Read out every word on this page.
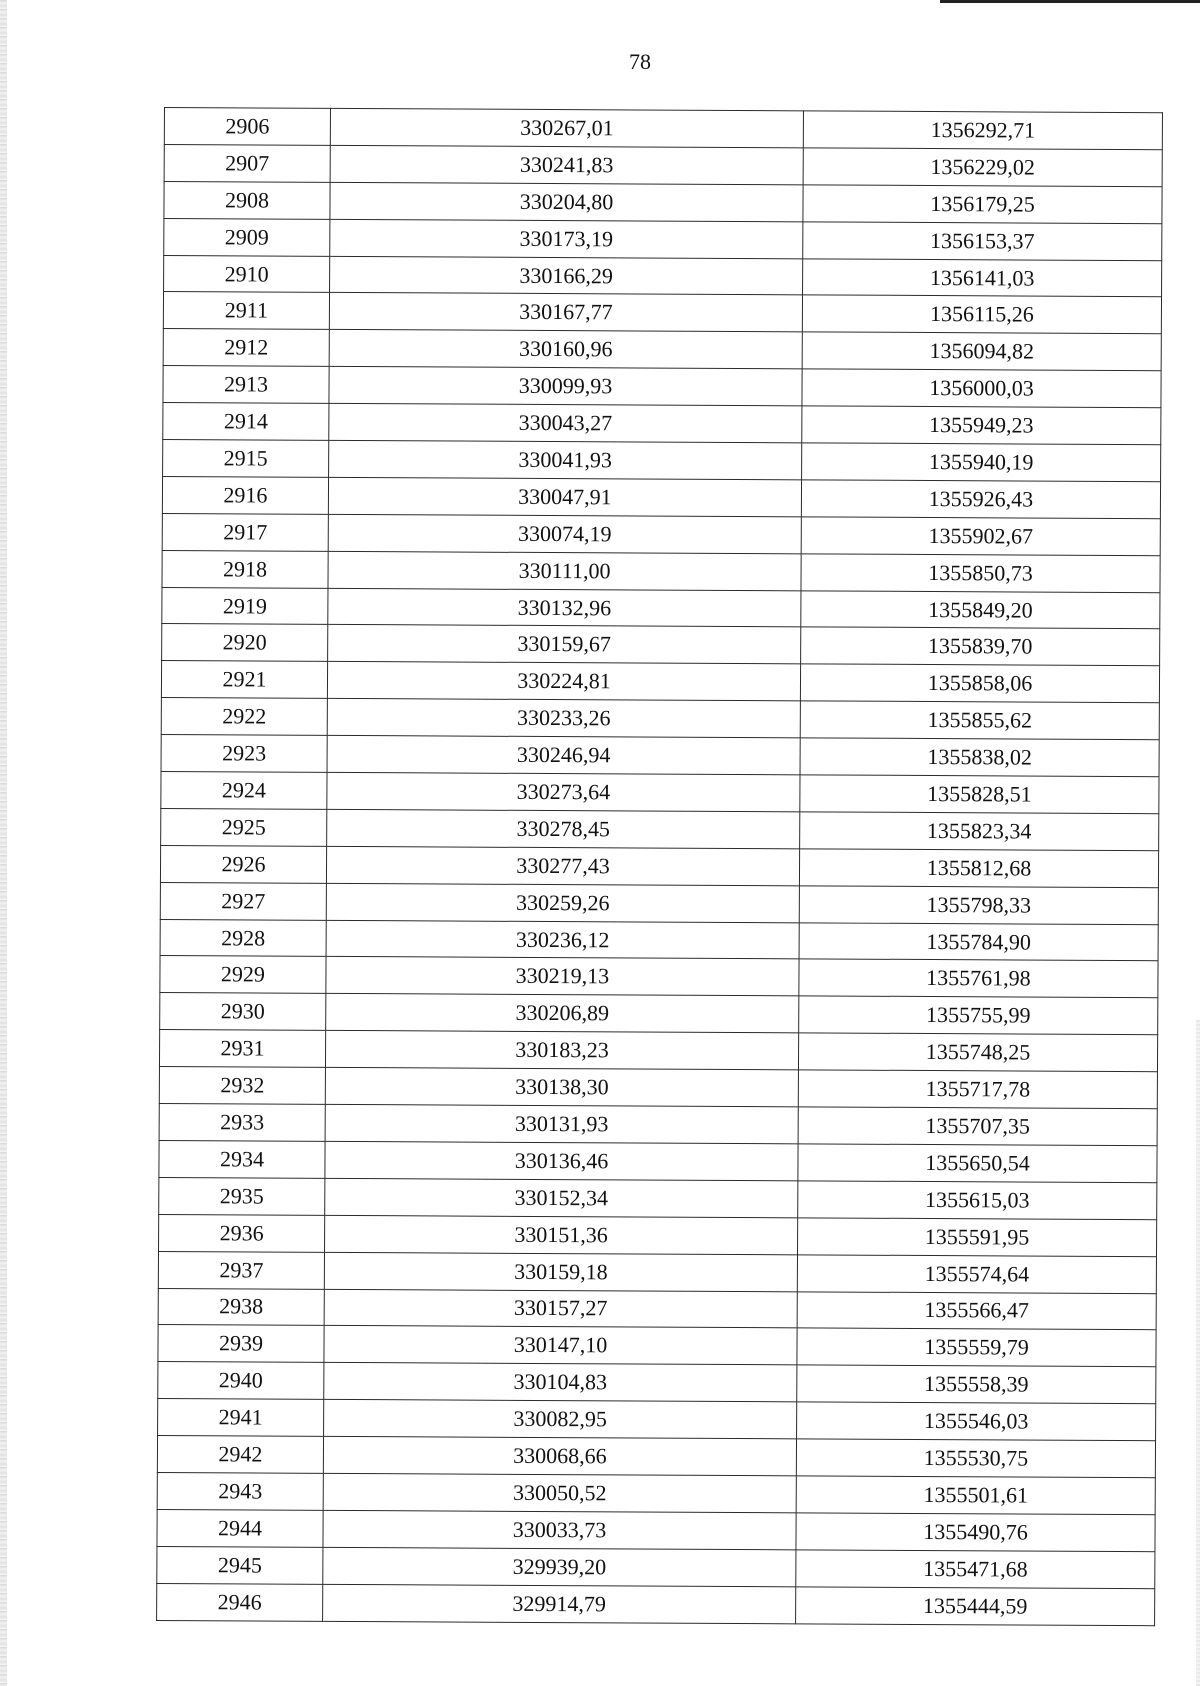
78
2906	330267,01	1356292,71
2907	330241,83	1356229,02
2908	330204,80	1356179,25
2909	330173,19	1356153,37
2910	330166,29	1356141,03
2911	330167,77	1356115,26
2912	330160,96	1356094,82
2913	330099,93	1356000,03
2914	330043,27	1355949,23
2915	330041,93	1355940,19
2916	330047,91	1355926,43
2917	330074,19	1355902,67
2918	330111,00	1355850,73
2919	330132,96	1355849,20
2920	330159,67	1355839,70
2921	330224,81	1355858,06
2922	330233,26	1355855,62
2923	330246,94	1355838,02
2924	330273,64	1355828,51
2925	330278,45	1355823,34
2926	330277,43	1355812,68
2927	330259,26	1355798,33
2928	330236,12	1355784,90
2929	330219,13	1355761,98
2930	330206,89	1355755,99
2931	330183,23	1355748,25
2932	330138,30	1355717,78
2933	330131,93	1355707,35
2934	330136,46	1355650,54
2935	330152,34	1355615,03
2936	330151,36	1355591,95
2937	330159,18	1355574,64
2938	330157,27	1355566,47
2939	330147,10	1355559,79
2940	330104,83	1355558,39
2941	330082,95	1355546,03
2942	330068,66	1355530,75
2943	330050,52	1355501,61
2944	330033,73	1355490,76
2945	329939,20	1355471,68
2946	329914,79	1355444,59
